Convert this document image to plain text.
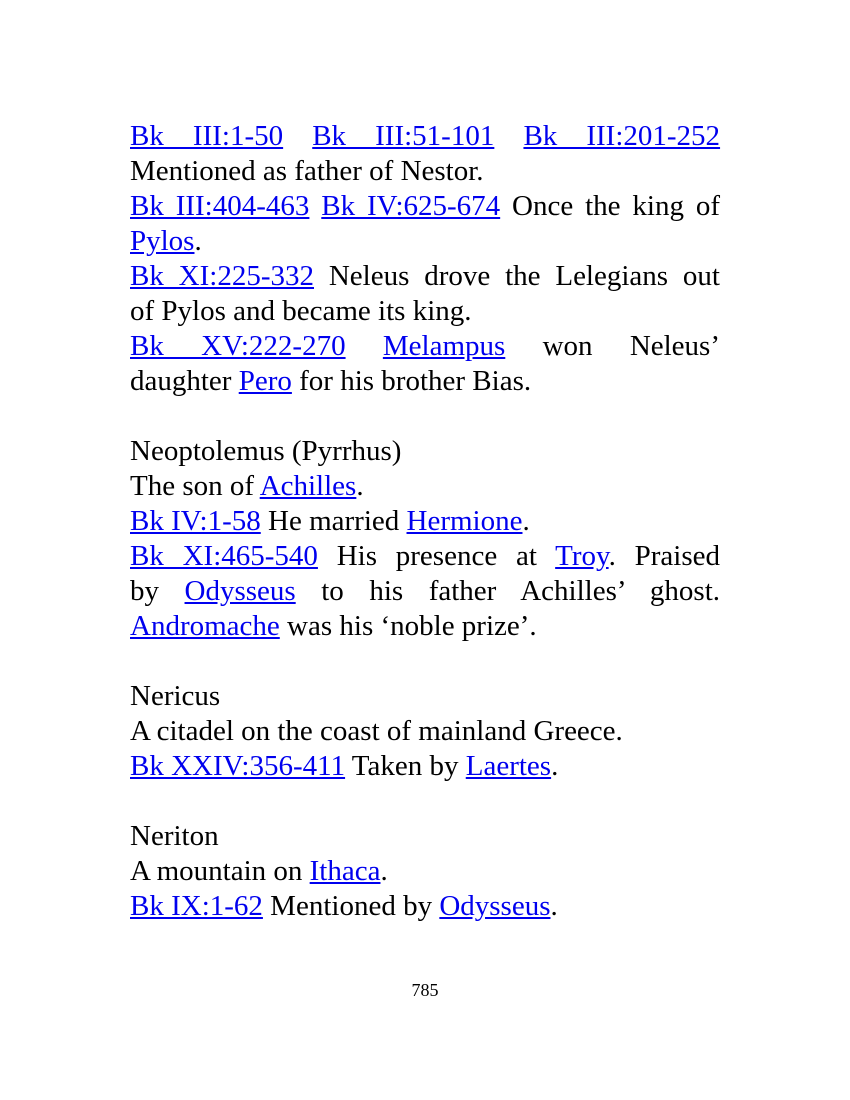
Bk III:1-50 Bk III:51-101 Bk III:201-252
Mentioned as father of Nestor.
Bk III:404-463 Bk IV:625-674 Once the king of
Pylos.
Bk XI:225-332 Neleus drove the Lelegians out
of Pylos and became its king.
Bk XV:222-270 Melampus won Neleus’
daughter Pero for his brother Bias.
Neoptolemus (Pyrrhus)
The son of Achilles.
Bk IV:1-58 He married Hermione.
Bk XI:465-540 His presence at Troy. Praised
by Odysseus to his father Achilles’ ghost.
Andromache was his ‘noble prize’.
Nericus
A citadel on the coast of mainland Greece.
Bk XXIV:356-411 Taken by Laertes.
Neriton
A mountain on Ithaca.
Bk IX:1-62 Mentioned by Odysseus.
785
